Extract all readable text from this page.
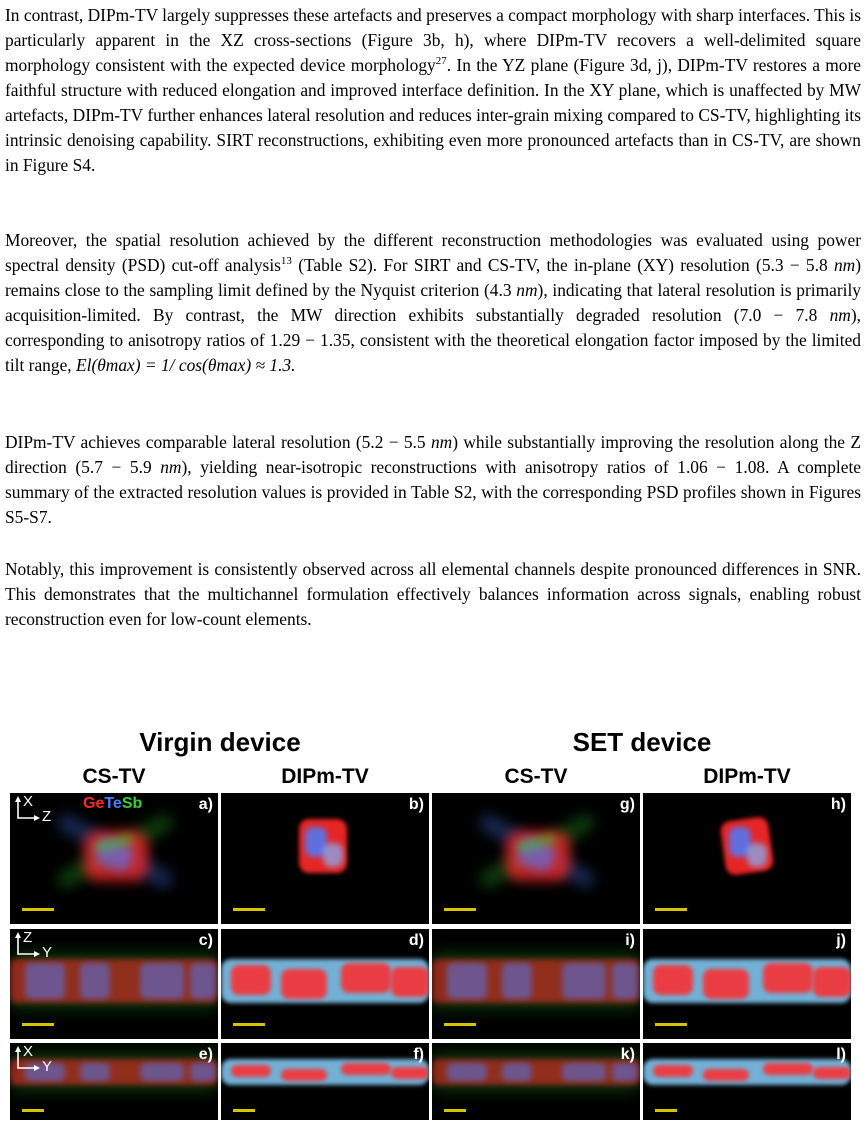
In contrast, DIPm-TV largely suppresses these artefacts and preserves a compact morphology with sharp interfaces. This is particularly apparent in the XZ cross-sections (Figure 3b, h), where DIPm-TV recovers a well-delimited square morphology consistent with the expected device morphology$^{27}$. In the YZ plane (Figure 3d, j), DIPm-TV restores a more faithful structure with reduced elongation and improved interface definition. In the XY plane, which is unaffected by MW artefacts, DIPm-TV further enhances lateral resolution and reduces inter-grain mixing compared to CS-TV, highlighting its intrinsic denoising capability. SIRT reconstructions, exhibiting even more pronounced artefacts than in CS-TV, are shown in Figure S4.

Moreover, the spatial resolution achieved by the different reconstruction methodologies was evaluated using power spectral density (PSD) cut-off analysis$^{13}$ (Table S2). For SIRT and CS-TV, the in-plane (XY) resolution (5.3 − 5.8 nm) remains close to the sampling limit defined by the Nyquist criterion (4.3 nm), indicating that lateral resolution is primarily acquisition-limited. By contrast, the MW direction exhibits substantially degraded resolution (7.0 − 7.8 nm), corresponding to anisotropy ratios of 1.29 − 1.35, consistent with the theoretical elongation factor imposed by the limited tilt range, El(θmax) = 1/ cos(θmax) ≈ 1.3.

DIPm-TV achieves comparable lateral resolution (5.2 − 5.5 nm) while substantially improving the resolution along the Z direction (5.7 − 5.9 nm), yielding near-isotropic reconstructions with anisotropy ratios of 1.06 − 1.08. A complete summary of the extracted resolution values is provided in Table S2, with the corresponding PSD profiles shown in Figures S5-S7.

Notably, this improvement is consistently observed across all elemental channels despite pronounced differences in SNR. This demonstrates that the multichannel formulation effectively balances information across signals, enabling robust reconstruction even for low-count elements.

Virgin device	SET device
CS-TV	DIPm-TV	CS-TV	DIPm-TV
X
Z
GeTeSb	a)	b)	g)	h)
Z
Y
c)	d)	i)	j)
X
Y
e)	f)	k)	l)
